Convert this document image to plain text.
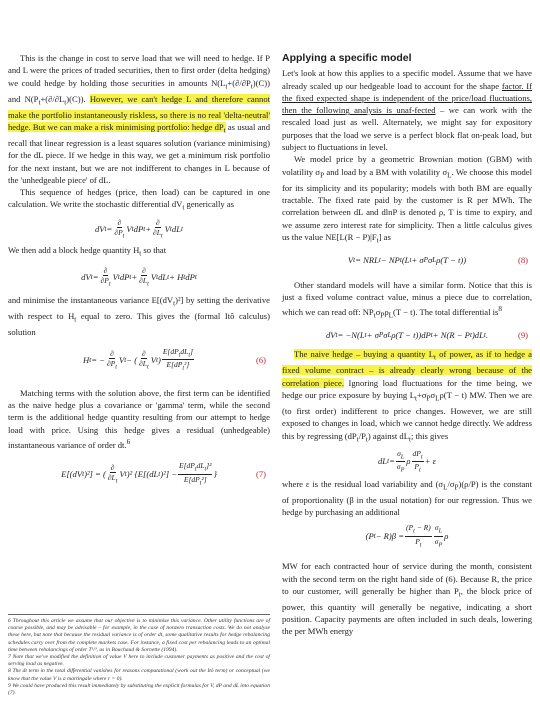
This is the change in cost to serve load that we will need to hedge. If P and L were the prices of traded securities, then to first order (delta hedging) we could hedge by holding those securities in amounts $N(L_t+(\partial/\partial P_t)(C))$ and $N(P_t+(\partial/\partial L_t)(C))$. However, we can't hedge L and therefore cannot make the portfolio instantaneously riskless, so there is no real 'delta-neutral' hedge. But we can make a risk minimising portfolio: hedge $dP_t$ as usual and recall that linear regression is a least squares solution (variance minimising) for the dL piece. If we hedge in this way, we get a minimum risk portfolio for the next instant, but we are not indifferent to changes in L because of the 'unhedgeable piece' of dL.

This sequence of hedges (price, then load) can be captured in one calculation. We write the stochastic differential $dV_t$ generically as

dV $t = \frac{\partial}{\partial P_t}$ V t dP $t + \frac{\partial}{\partial L_t}$ V t dL t

We then add a block hedge quantity $H_t$ so that

dV $t = \frac{\partial}{\partial P_t}$ V t dP $t + \frac{\partial}{\partial L_t}$ V t dL t + H t dP t

and minimise the instantaneous variance $E[(dV_t)^2]$ by setting the derivative with respect to $H_t$ equal to zero. This gives the (formal Itô calculus) solution

H t = − $\frac{\partial}{\partial P_t}$ V t − ( $\frac{\partial}{\partial L_t}$ V t ) $\frac{E[dP_tdL_t]}{E[dP_t^2]}$	(6)

Matching terms with the solution above, the first term can be identified as the naive hedge plus a covariance or 'gamma' term, while the second term is the additional hedge quantity resulting from our attempt to hedge load with price. Using this hedge gives a residual (unhedgeable) instantaneous variance of order dt.$^6$

E[(dV t )²] = ( $\frac{\partial}{\partial L_t}$ V t )² {E[(dL t )$^2] - \frac{E[dP_tdL_t]^2}{E[dP_t^2]}$ }	(7)

6 Throughout this article we assume that our objective is to minimise this variance. Other utility functions are of course possible, and may be advisable – for example, in the case of nonzero transaction costs. We do not analyse these here, but note that because the residual variance is of order dt, some qualitative results for hedge rebalancing schedules carry over from the complete markets case. For instance, a fixed cost per rebalancing leads to an optimal time between rebalancings of order T¹/³, as in Bouchaud & Sornette (1994).

7 Note that we've modified the definition of value V here to include customer payments as positive and the cost of serving load as negative.

8 The dt term in the total differential vanishes for reasons computational (work out the Itô term) or conceptual (we know that the value V is a martingale where r = 0).

9 We could have produced this result immediately by substituting the explicit formulas for V, dP and dL into equation (7).

Applying a specific model

Let's look at how this applies to a specific model. Assume that we have already scaled up our hedgeable load to account for the shape factor. If the fixed expected shape is independent of the price/load fluctuations, then the following analysis is unaf-fected – we can work with the rescaled load just as well. Alternately, we might say for expository purposes that the load we serve is a perfect block flat on-peak load, but subject to fluctuations in level.

We model price by a geometric Brownian motion (GBM) with volatility $\sigma_P$ and load by a BM with volatility $\sigma_L$. We choose this model for its simplicity and its popularity; models with both BM are equally tractable. The fixed rate paid by the customer is R per MWh. The correlation between dL and dlnP is denoted ρ, T is time to expiry, and we assume zero interest rate for simplicity. Then a little calculus gives us the value $NE[L(R - P)|F_t]$ as

V t = NRL t − NP t (L t + σ P σ L ρ(T − t))	(8)

Other standard models will have a similar form. Notice that this is just a fixed volume contract value, minus a piece due to correlation, which we can read off: $NP_t\sigma_P\rho_L(T - t)$. The total differential $is^8$

dV t = −N(L t + σ P σ L ρ(T − t))dP t + N(R − P t )dL t .	(9)

The naive hedge – buying a quantity $L_t$ of power, as if to hedge a fixed volume contract – is already clearly wrong because of the correlation piece. Ignoring load fluctuations for the time being, we hedge our price exposure by buying $L_t+\sigma_P\sigma_L\rho(T - t)$ MW. Then we are (to first order) indifferent to price changes. However, we are still exposed to changes in load, which we cannot hedge directly. We address this by regressing $(dP_t/P_t)$ against $dL_t$; this gives

dL $t = \frac{\sigma_L}{\sigma_P}$ ρ $\frac{dP_t}{P_t} + \varepsilon$

where ε is the residual load variability and $(\sigma_L/\sigma_P)(\rho/P)$ is the constant of proportionality (β in the usual notation) for our regression. Thus we hedge by purchasing an additional

(P $t - R)\beta = \frac{(P_t - R)}{P_t} \frac{\sigma_L}{\sigma_P}$ ρ

MW for each contracted hour of service during the month, consistent with the second term on the right hand side of (6). Because R, the price to our customer, will generally be higher than $P_t$, the block price of power, this quantity will generally be negative, indicating a short position. Capacity payments are often included in such deals, lowering the per MWh energy
